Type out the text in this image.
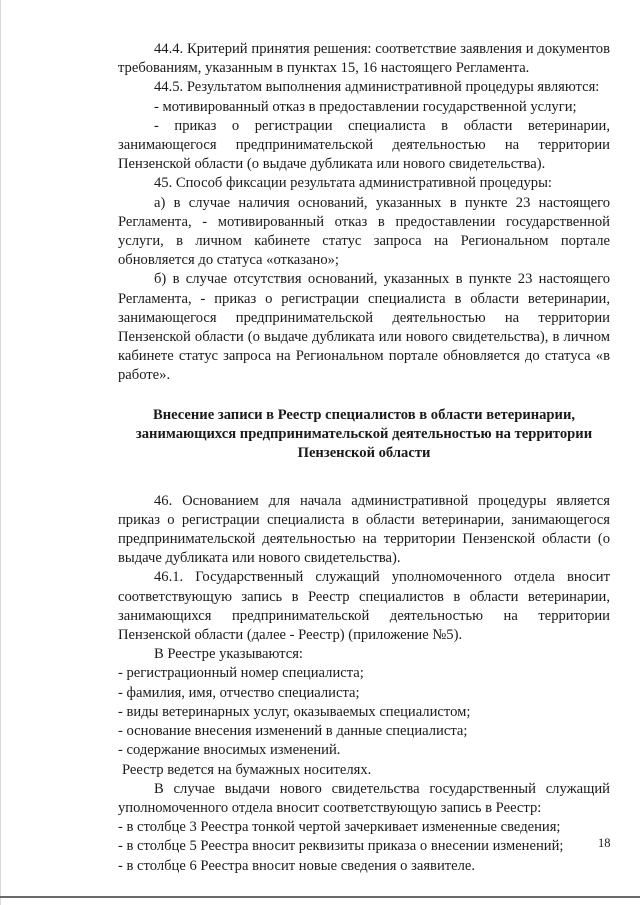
44.4. Критерий принятия решения: соответствие заявления и документов требованиям, указанным в пунктах 15, 16 настоящего Регламента.

44.5. Результатом выполнения административной процедуры являются:

- мотивированный отказ в предоставлении государственной услуги;

- приказ о регистрации специалиста в области ветеринарии, занимающегося предпринимательской деятельностью на территории Пензенской области (о выдаче дубликата или нового свидетельства).

45. Способ фиксации результата административной процедуры:

а) в случае наличия оснований, указанных в пункте 23 настоящего Регламента, - мотивированный отказ в предоставлении государственной услуги, в личном кабинете статус запроса на Региональном портале обновляется до статуса «отказано»;

б) в случае отсутствия оснований, указанных в пункте 23 настоящего Регламента, - приказ о регистрации специалиста в области ветеринарии, занимающегося предпринимательской деятельностью на территории Пензенской области (о выдаче дубликата или нового свидетельства), в личном кабинете статус запроса на Региональном портале обновляется до статуса «в работе».

Внесение записи в Реестр специалистов в области ветеринарии, занимающихся предпринимательской деятельностью на территории Пензенской области

46. Основанием для начала административной процедуры является приказ о регистрации специалиста в области ветеринарии, занимающегося предпринимательской деятельностью на территории Пензенской области (о выдаче дубликата или нового свидетельства).

46.1. Государственный служащий уполномоченного отдела вносит соответствующую запись в Реестр специалистов в области ветеринарии, занимающихся предпринимательской деятельностью на территории Пензенской области (далее - Реестр) (приложение №5).

В Реестре указываются:

- регистрационный номер специалиста;

- фамилия, имя, отчество специалиста;

- виды ветеринарных услуг, оказываемых специалистом;

- основание внесения изменений в данные специалиста;

- содержание вносимых изменений.

Реестр ведется на бумажных носителях.

В случае выдачи нового свидетельства государственный служащий уполномоченного отдела вносит соответствующую запись в Реестр:

- в столбце 3 Реестра тонкой чертой зачеркивает измененные сведения;

- в столбце 5 Реестра вносит реквизиты приказа о внесении изменений;

- в столбце 6 Реестра вносит новые сведения о заявителе.

18
